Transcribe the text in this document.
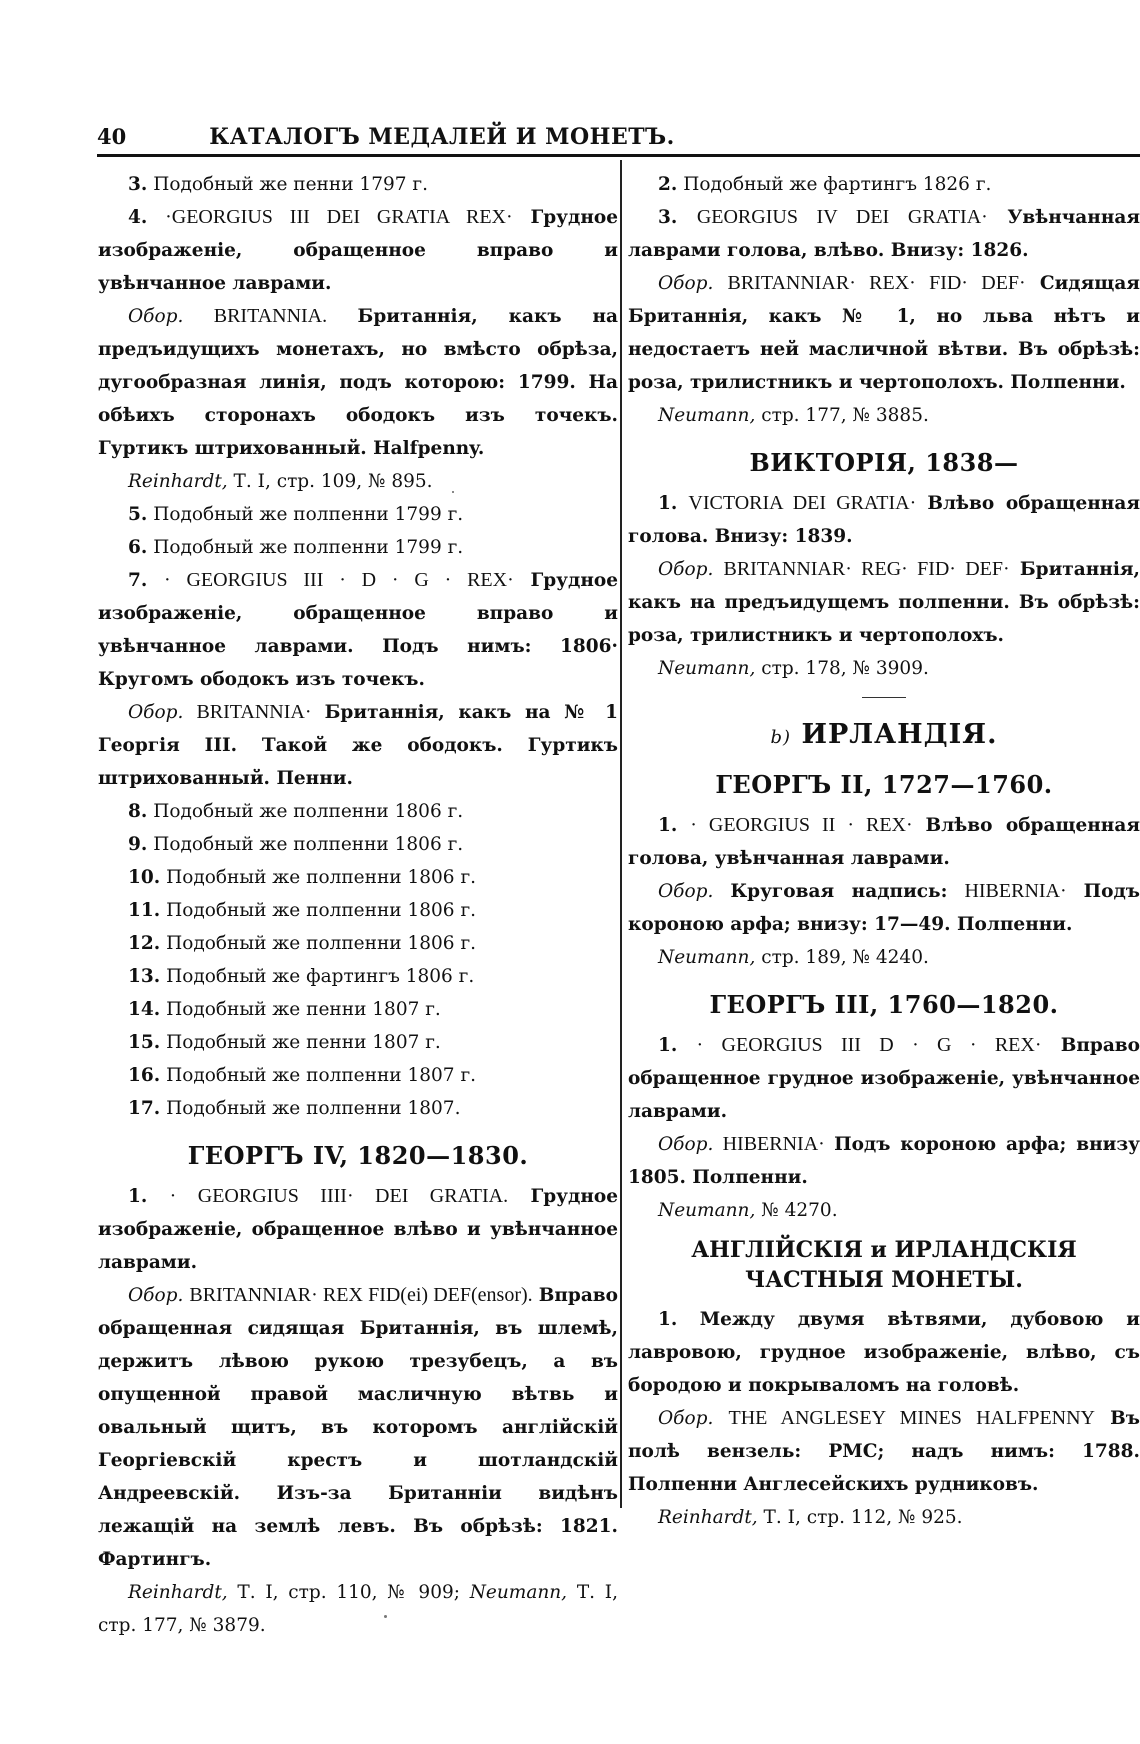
40	КАТАЛОГЪ МЕДАЛЕЙ И МОНЕТЪ.

3. Подобный же пенни 1797 г.

4. ·GEORGIUS III DEI GRATIA REX· Грудное изображеніе, обращенное вправо и увѣнчанное лаврами.

Обор. BRITANNIA. Британнія, какъ на предъидущихъ монетахъ, но вмѣсто обрѣза, дугообразная линія, подъ которою: 1799. На обѣихъ сторонахъ ободокъ изъ точекъ. Гуртикъ штрихованный. Halfpenny.

Reinhardt, Т. I, стр. 109, № 895.

5. Подобный же полпенни 1799 г.

6. Подобный же полпенни 1799 г.

7. · GEORGIUS III · D · G · REX· Грудное изображеніе, обращенное вправо и увѣнчанное лаврами. Подъ нимъ: 1806· Кругомъ ободокъ изъ точекъ.

Обор. BRITANNIA· Британнія, какъ на № 1 Георгія III. Такой же ободокъ. Гуртикъ штрихованный. Пенни.

8. Подобный же полпенни 1806 г.

9. Подобный же полпенни 1806 г.

10. Подобный же полпенни 1806 г.

11. Подобный же полпенни 1806 г.

12. Подобный же полпенни 1806 г.

13. Подобный же фартингъ 1806 г.

14. Подобный же пенни 1807 г.

15. Подобный же пенни 1807 г.

16. Подобный же полпенни 1807 г.

17. Подобный же полпенни 1807.

ГЕОРГЪ IV, 1820—1830.

1. · GEORGIUS IIII· DEI GRATIA. Грудное изображеніе, обращенное влѣво и увѣнчанное лаврами.

Обор. BRITANNIAR· REX FID(ei) DEF(ensor). Вправо обращенная сидящая Британнія, въ шлемѣ, держитъ лѣвою рукою трезубецъ, а въ опущенной правой масличную вѣтвь и овальный щитъ, въ которомъ англійскій Георгіевскій крестъ и шотландскій Андреевскій. Изъ-за Британніи видѣнъ лежащій на землѣ левъ. Въ обрѣзѣ: 1821. Фартингъ.

Reinhardt, Т. I, стр. 110, № 909; Neumann, Т. I, стр. 177, № 3879.

2. Подобный же фартингъ 1826 г.

3. GEORGIUS IV DEI GRATIA· Увѣнчанная лаврами голова, влѣво. Внизу: 1826.

Обор. BRITANNIAR· REX· FID· DEF· Сидящая Британнія, какъ № 1, но льва нѣтъ и недостаетъ ней масличной вѣтви. Въ обрѣзѣ: роза, трилистникъ и чертополохъ. Полпенни.

Neumann, стр. 177, № 3885.

ВИКТОРІЯ, 1838—

1. VICTORIA DEI GRATIA· Влѣво обращенная голова. Внизу: 1839.

Обор. BRITANNIAR· REG· FID· DEF· Британнія, какъ на предъидущемъ полпенни. Въ обрѣзѣ: роза, трилистникъ и чертополохъ.

Neumann, стр. 178, № 3909.

b) ИРЛАНДІЯ.
ГЕОРГЪ II, 1727—1760.

1. · GEORGIUS II · REX· Влѣво обращенная голова, увѣнчанная лаврами.

Обор. Круговая надпись: HIBERNIA· Подъ короною арфа; внизу: 17—49. Полпенни.

Neumann, стр. 189, № 4240.

ГЕОРГЪ III, 1760—1820.

1. · GEORGIUS III D · G · REX· Вправо обращенное грудное изображеніе, увѣнчанное лаврами.

Обор. HIBERNIA· Подъ короною арфа; внизу 1805. Полпенни.

Neumann, № 4270.

АНГЛІЙСКІЯ и ИРЛАНДСКІЯ ЧАСТНЫЯ МОНЕТЫ.

1. Между двумя вѣтвями, дубовою и лавровою, грудное изображеніе, влѣво, съ бородою и покрываломъ на головѣ.

Обор. THE ANGLESEY MINES HALFPENNY Въ полѣ вензель: PMC; надъ нимъ: 1788. Полпенни Англесейскихъ рудниковъ.

Reinhardt, Т. I, стр. 112, № 925.
